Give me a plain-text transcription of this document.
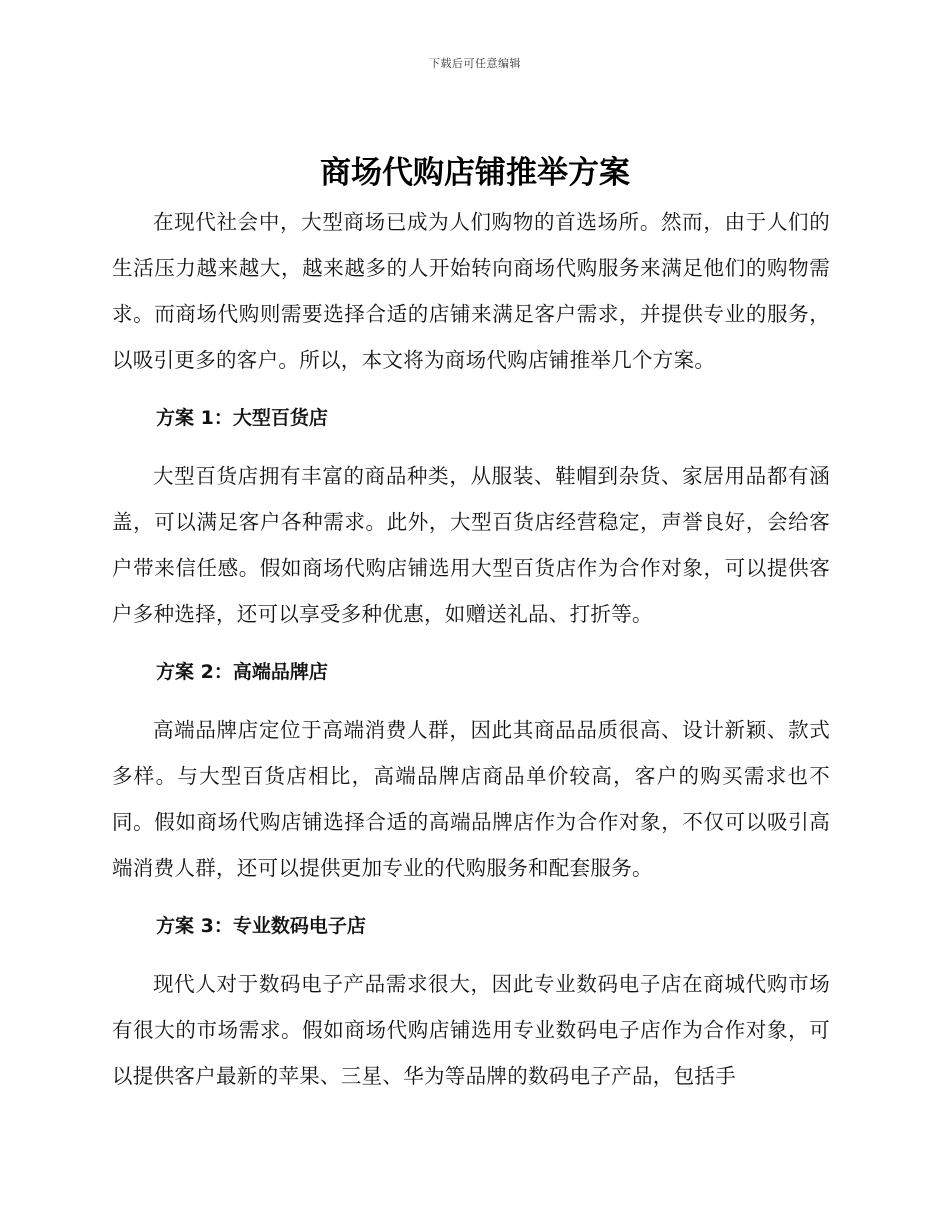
下载后可任意编辑
商场代购店铺推举方案

在现代社会中，大型商场已成为人们购物的首选场所。然而，由于人们的生活压力越来越大，越来越多的人开始转向商场代购服务来满足他们的购物需求。而商场代购则需要选择合适的店铺来满足客户需求，并提供专业的服务，以吸引更多的客户。所以，本文将为商场代购店铺推举几个方案。

方案 1：大型百货店

大型百货店拥有丰富的商品种类，从服装、鞋帽到杂货、家居用品都有涵盖，可以满足客户各种需求。此外，大型百货店经营稳定，声誉良好，会给客户带来信任感。假如商场代购店铺选用大型百货店作为合作对象，可以提供客户多种选择，还可以享受多种优惠，如赠送礼品、打折等。

方案 2：高端品牌店

高端品牌店定位于高端消费人群，因此其商品品质很高、设计新颖、款式多样。与大型百货店相比，高端品牌店商品单价较高，客户的购买需求也不同。假如商场代购店铺选择合适的高端品牌店作为合作对象，不仅可以吸引高端消费人群，还可以提供更加专业的代购服务和配套服务。

方案 3：专业数码电子店

现代人对于数码电子产品需求很大，因此专业数码电子店在商城代购市场有很大的市场需求。假如商场代购店铺选用专业数码电子店作为合作对象，可以提供客户最新的苹果、三星、华为等品牌的数码电子产品，包括手
